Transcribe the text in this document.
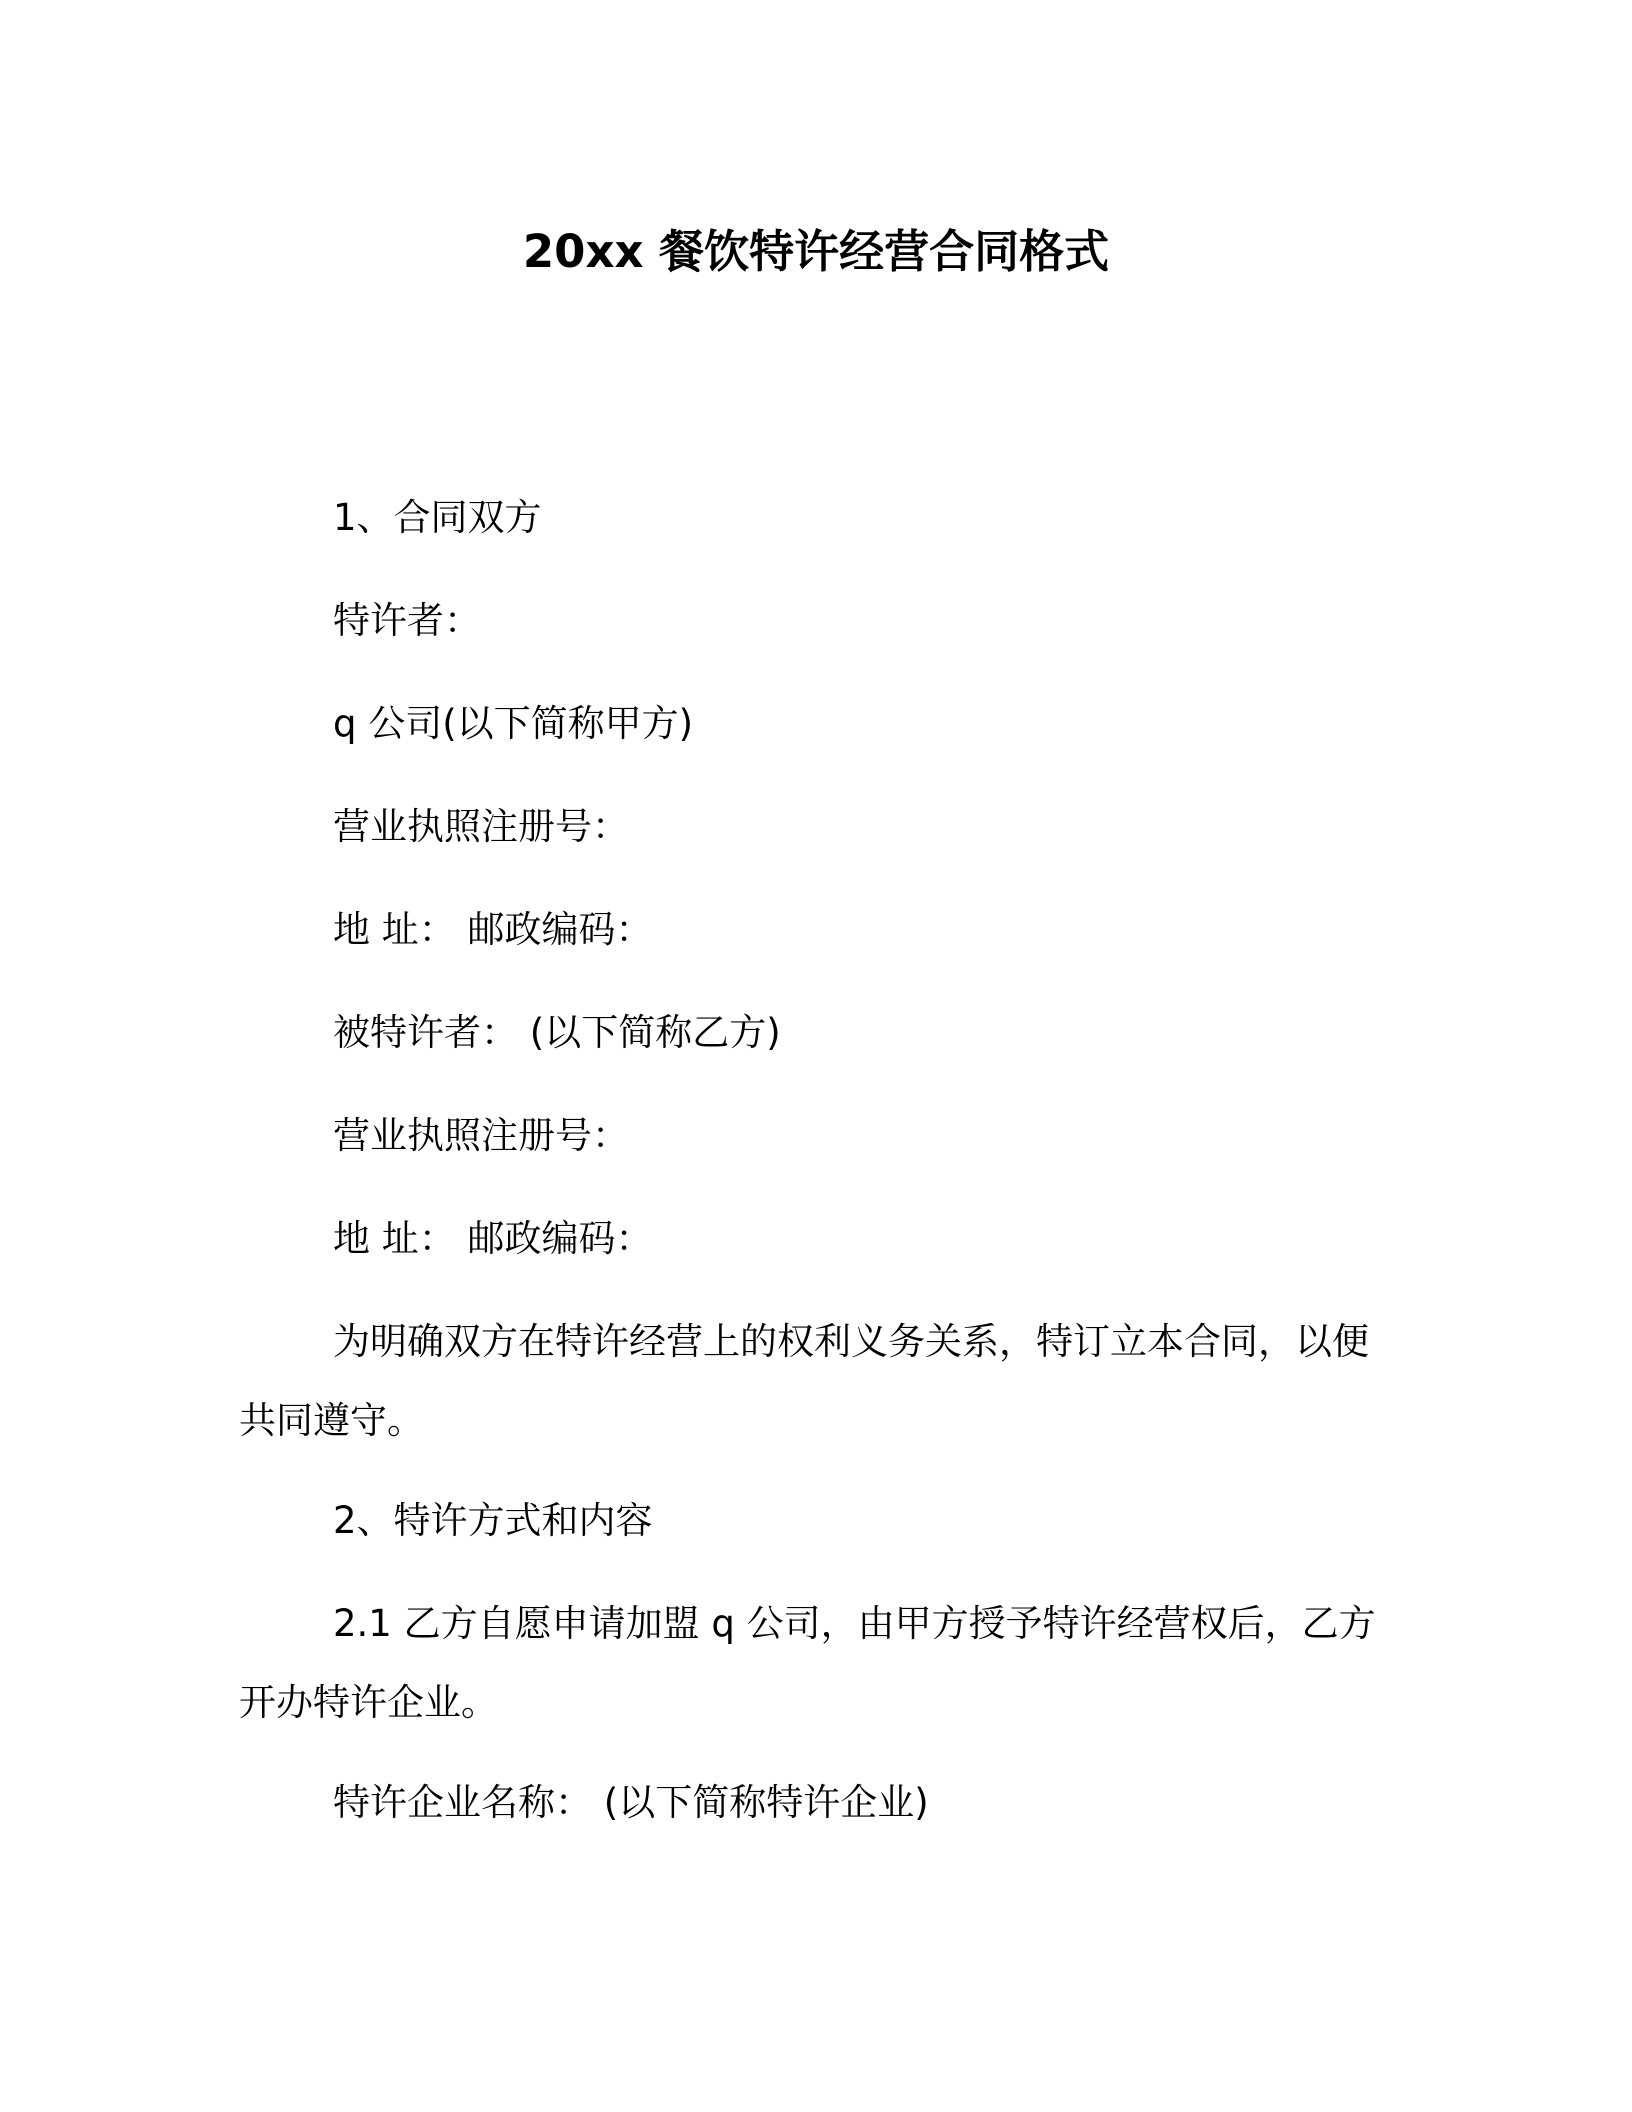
20xx 餐饮特许经营合同格式

1、合同双方

特许者：

q 公司(以下简称甲方)

营业执照注册号：

地 址： 邮政编码：

被特许者： (以下简称乙方)

营业执照注册号：

地 址： 邮政编码：

为明确双方在特许经营上的权利义务关系，特订立本合同，以便共同遵守。

2、特许方式和内容

2.1 乙方自愿申请加盟 q 公司，由甲方授予特许经营权后，乙方开办特许企业。

特许企业名称： (以下简称特许企业)
